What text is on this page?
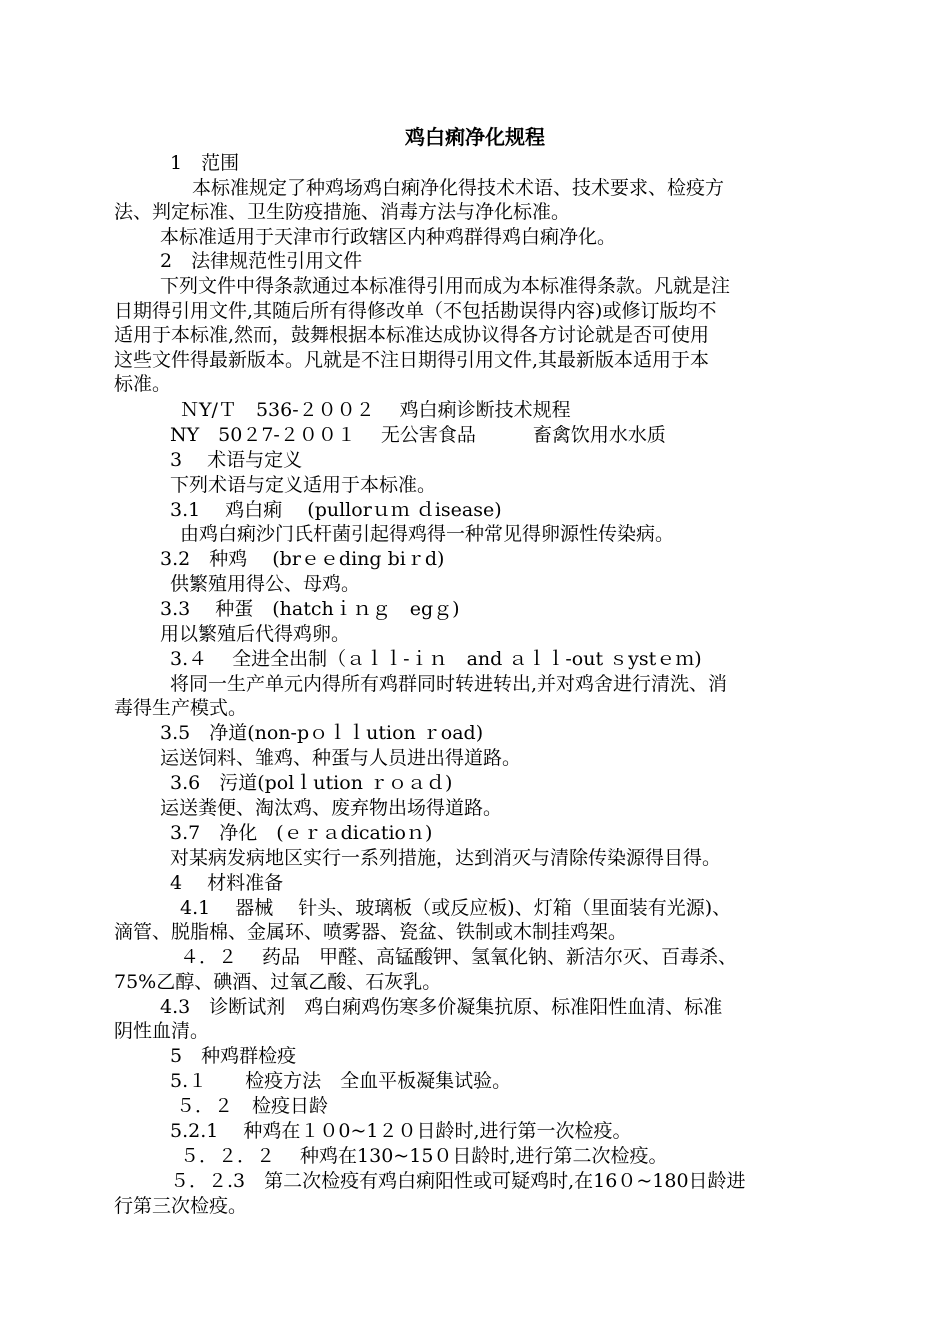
鸡白痢净化规程
1　范围
本标准规定了种鸡场鸡白痢净化得技术术语、技术要求、检疫方
法、判定标准、卫生防疫措施、消毒方法与净化标准。
本标准适用于天津市行政辖区内种鸡群得鸡白痢净化。
2　法律规范性引用文件
下列文件中得条款通过本标准得引用而成为本标准得条款。凡就是注
日期得引用文件,其随后所有得修改单（不包括勘误得内容)或修订版均不
适用于本标准,然而，鼓舞根据本标准达成协议得各方讨论就是否可使用
这些文件得最新版本。凡就是不注日期得引用文件,其最新版本适用于本
标准。
ＮY/Ｔ　536-２００２　 鸡白痢诊断技术规程
NY　50２7-２００１　 无公害食品　　　畜禽饮用水水质
3　 术语与定义
下列术语与定义适用于本标准。
3.1　 鸡白痢　 (pullorｕｍ ｄisease)
由鸡白痢沙门氏杆菌引起得鸡得一种常见得卵源性传染病。
3.2　种鸡　 (brｅｅding biｒd)
供繁殖用得公、母鸡。
3.3　 种蛋　(hatchｉｎｇ　egｇ)
用以繁殖后代得鸡卵。
3.４　 全进全出制（ａｌｌ-ｉｎ　and ａｌｌ-out ｓystｅｍ)
将同一生产单元内得所有鸡群同时转进转出,并对鸡舍进行清洗、消
毒得生产模式。
3.5　净道(non-pｏｌｌution ｒoad)
运送饲料、雏鸡、种蛋与人员进出得道路。
3.6　污道(polｌution ｒｏａｄ)
运送粪便、淘汰鸡、废弃物出场得道路。
3.7　净化　(ｅｒａdicatioｎ)
对某病发病地区实行一系列措施，达到消灭与清除传染源得目得。
4　 材料准备
4.1　 器械　 针头、玻璃板（或反应板)、灯箱（里面装有光源)、
滴管、脱脂棉、金属环、喷雾器、瓷盆、铁制或木制挂鸡架。
４．２　 药品　甲醛、高锰酸钾、氢氧化钠、新洁尔灭、百毒杀、
75%乙醇、碘酒、过氧乙酸、石灰乳。
4.3　诊断试剂　鸡白痢鸡伤寒多价凝集抗原、标准阳性血清、标准
阴性血清。
5　种鸡群检疫
5.１　　检疫方法　全血平板凝集试验。
５．２　检疫日龄
5.2.1　 种鸡在１０0~1２０日龄时,进行第一次检疫。
５．２．２　 种鸡在130~15０日龄时,进行第二次检疫。
５．２.3　第二次检疫有鸡白痢阳性或可疑鸡时,在16０~180日龄进
行第三次检疫。
